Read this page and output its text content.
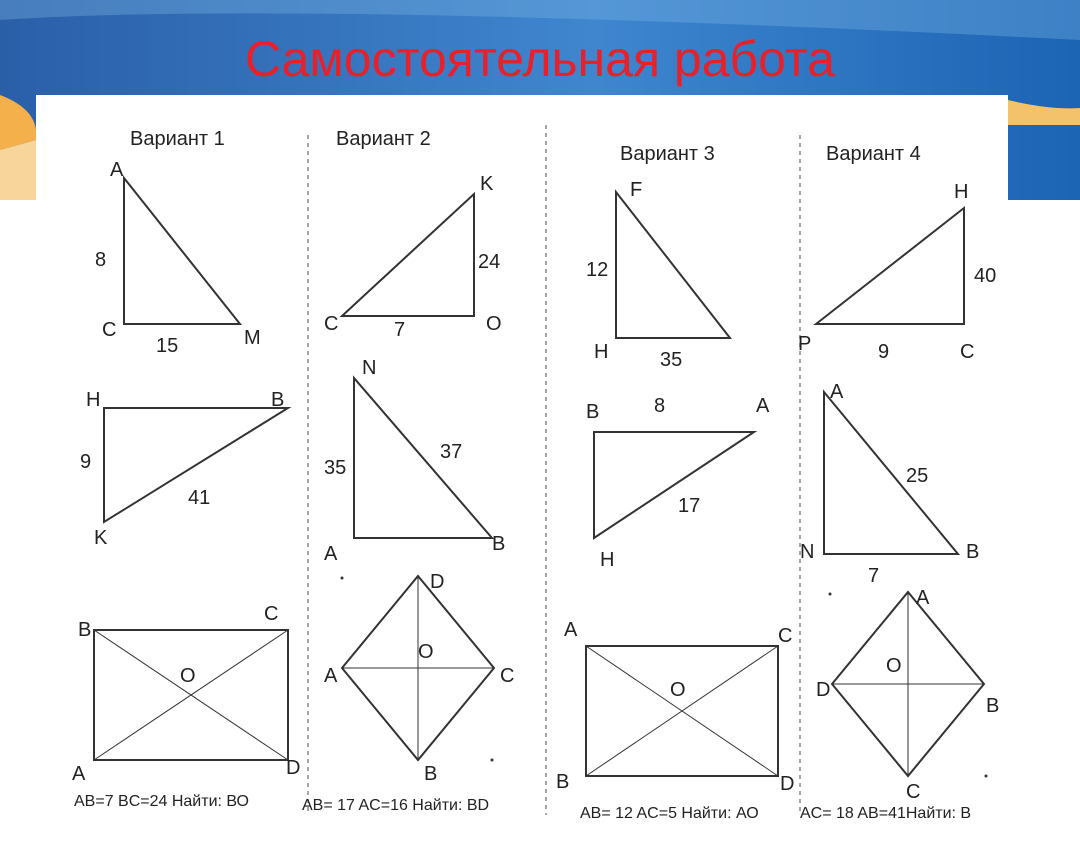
Самостоятельная работа
Вариант 1	Вариант 2
Вариант 3	Вариант 4
A
C	M
8
15
H	B
K
9
41
B
C
D
A
O
AB=7 BC=24 Найти: ВО
K
C	O
24
7
N
A	B
35
37
D
A	C
B
O
AB= 17 AC=16 Найти: BD
F
H
12
35
B	A
H
8
17
A	C
B	D
O
AB= 12 AC=5 Найти: АО
H
P	C
40
9
A
N	B
25
7
A
D
B
C
O
AC= 18 AB=41Найти: В
